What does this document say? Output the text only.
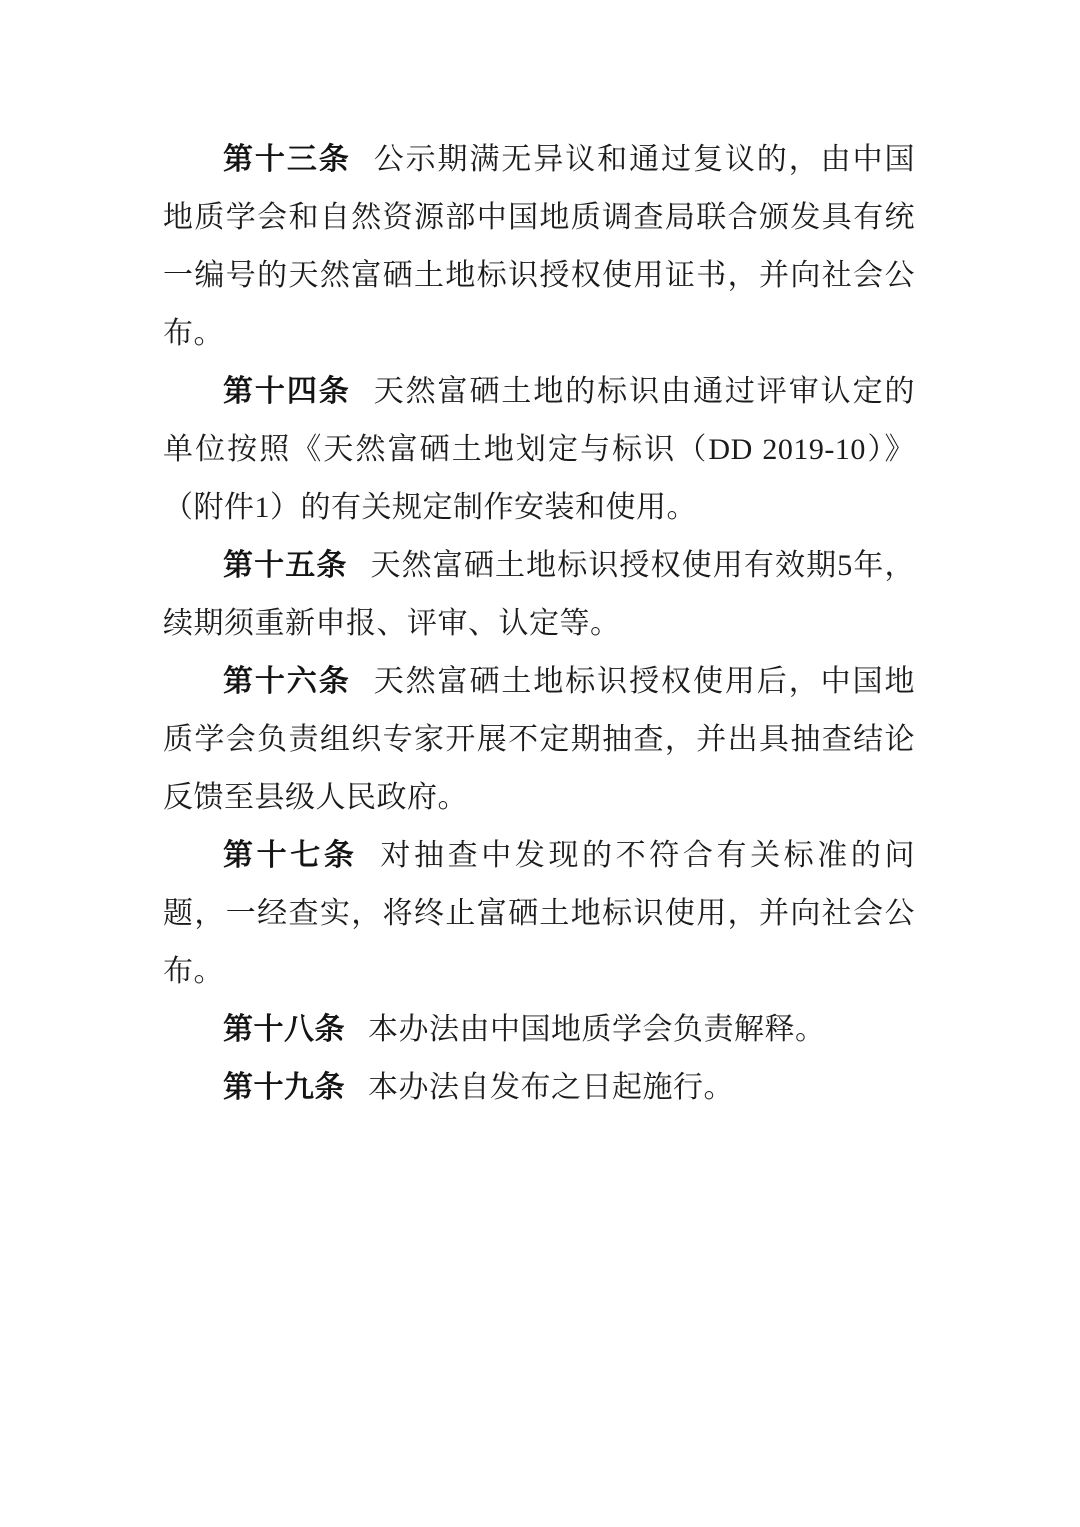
第十三条 公示期满无异议和通过复议的，由中国地质学会和自然资源部中国地质调查局联合颁发具有统一编号的天然富硒土地标识授权使用证书，并向社会公布。

第十四条 天然富硒土地的标识由通过评审认定的单位按照《天然富硒土地划定与标识（DD 2019-10）》（附件1）的有关规定制作安装和使用。

第十五条 天然富硒土地标识授权使用有效期5年，续期须重新申报、评审、认定等。

第十六条 天然富硒土地标识授权使用后，中国地质学会负责组织专家开展不定期抽查，并出具抽查结论反馈至县级人民政府。

第十七条 对抽查中发现的不符合有关标准的问题，一经查实，将终止富硒土地标识使用，并向社会公布。

第十八条 本办法由中国地质学会负责解释。

第十九条 本办法自发布之日起施行。
